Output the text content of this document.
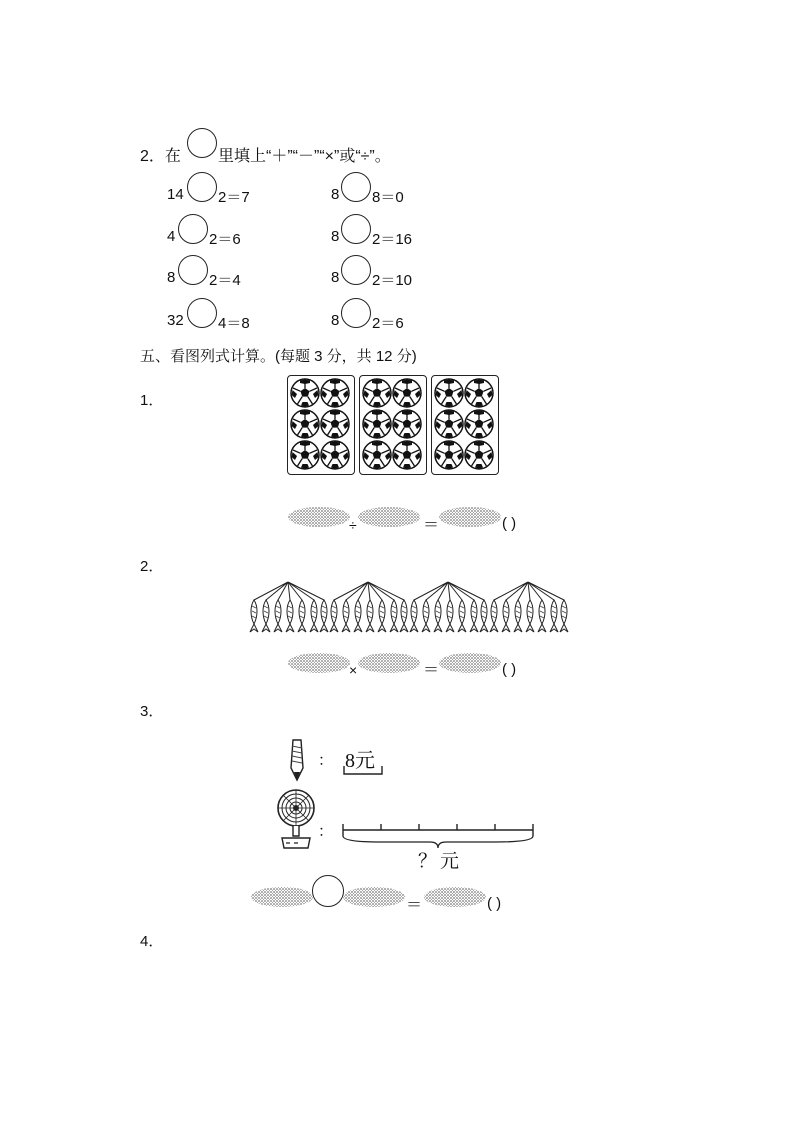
2．在 里填上“＋”“－”“×”或“÷”。
14 2＝7	8 8＝0
4 2＝6	8 2＝16
8 2＝4	8 2＝10
32 4＝8	8 2＝6
五、看图列式计算。(每题 3 分，共 12 分)
1．
÷	＝	( )
2．
×	＝	( )
3．
： 8元
：
？元
＝	( )
4．
